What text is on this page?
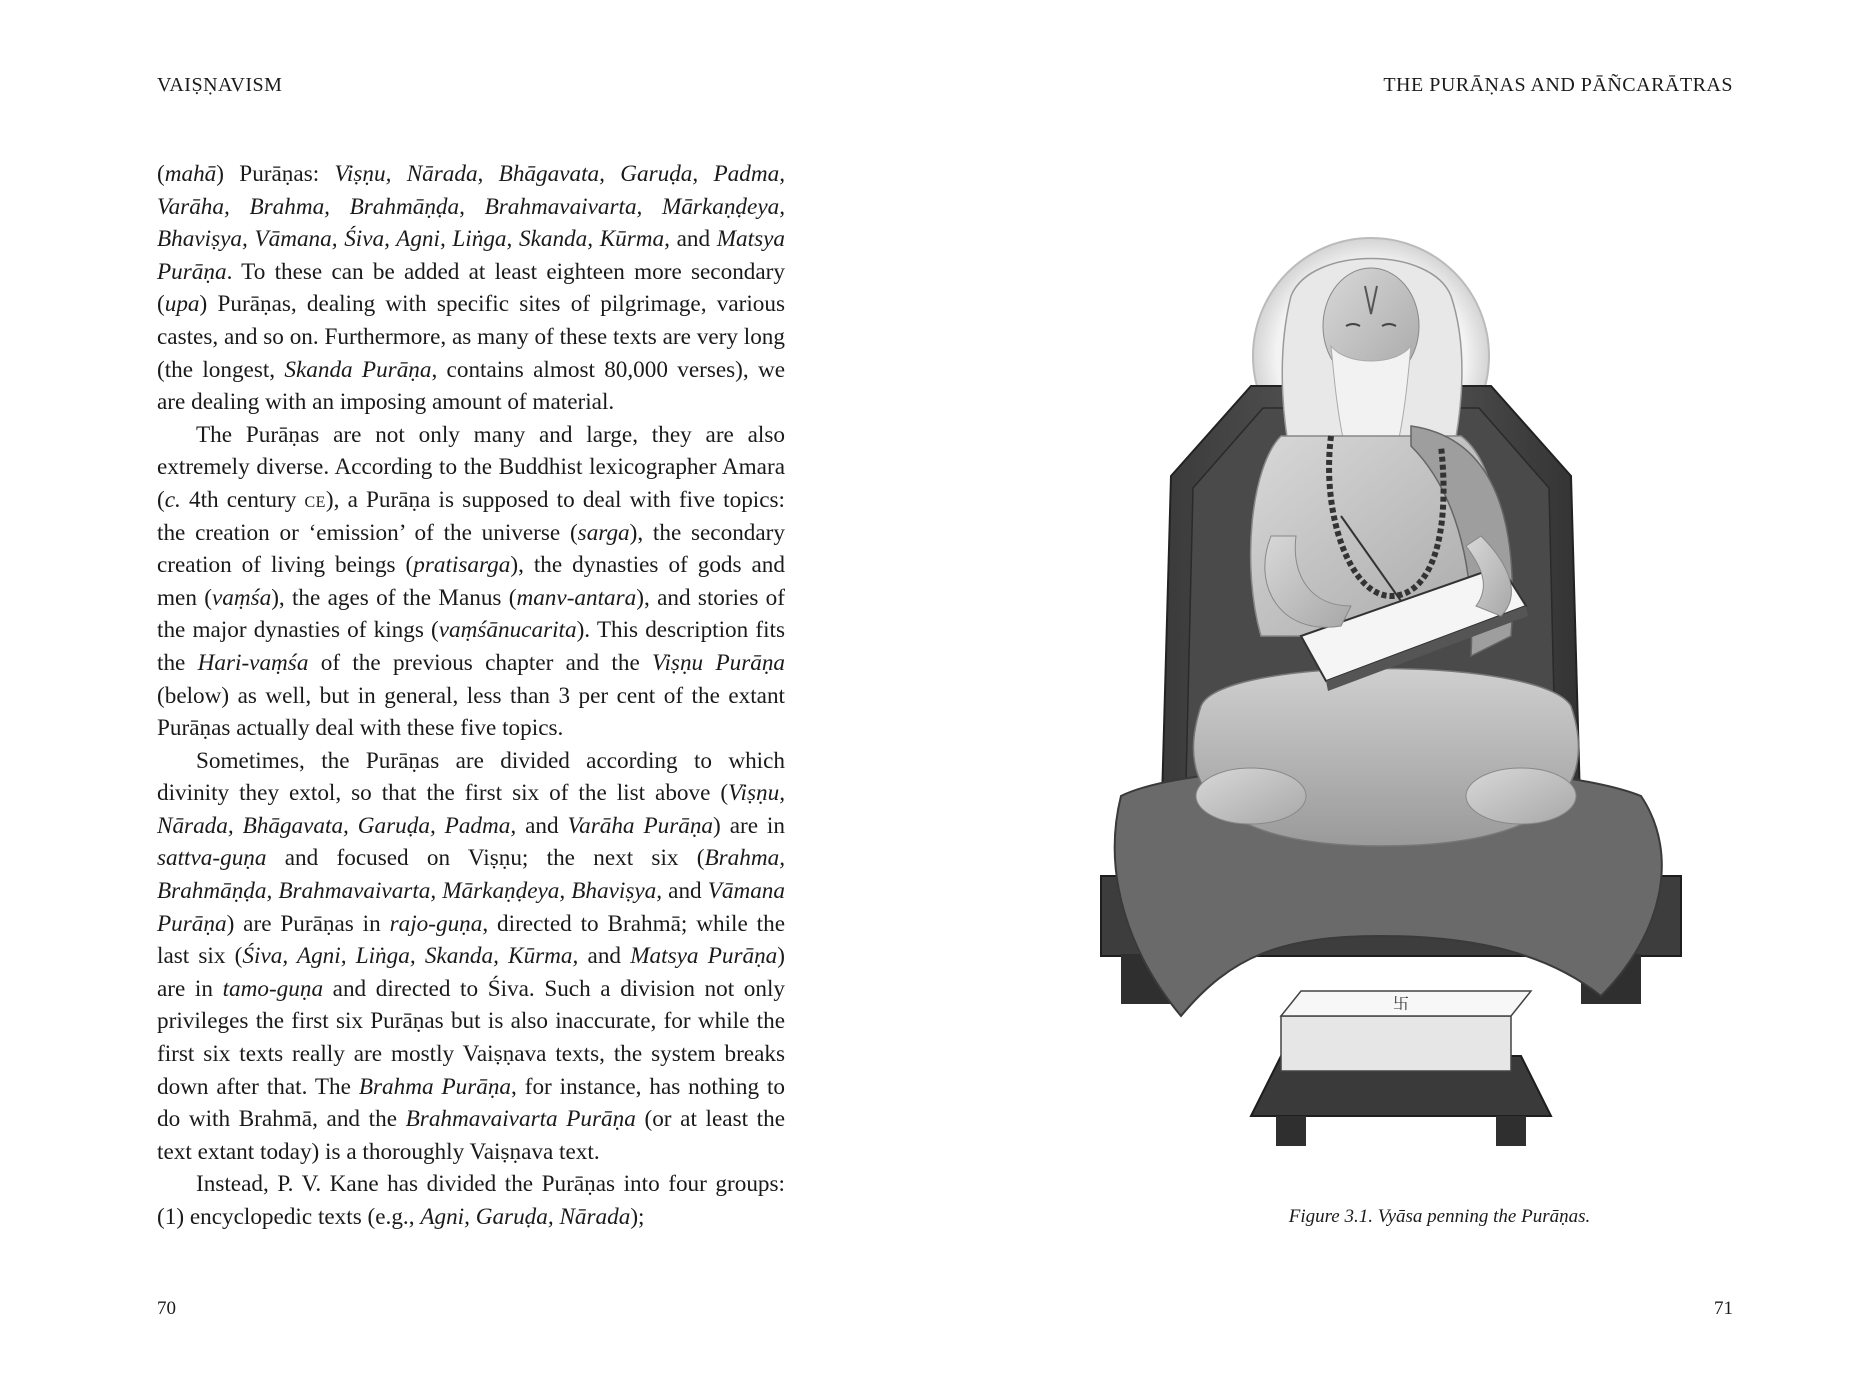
VAIṢṆAVISM

(mahā) Purāṇas: Viṣṇu, Nārada, Bhāgavata, Garuḍa, Padma, Varāha, Brahma, Brahmāṇḍa, Brahmavaivarta, Mārkaṇḍeya, Bhaviṣya, Vāmana, Śiva, Agni, Liṅga, Skanda, Kūrma, and Matsya Purāṇa. To these can be added at least eighteen more secondary (upa) Purāṇas, dealing with specific sites of pilgrimage, various castes, and so on. Furthermore, as many of these texts are very long (the longest, Skanda Purāṇa, contains almost 80,000 verses), we are dealing with an imposing amount of material.

The Purāṇas are not only many and large, they are also extremely diverse. According to the Buddhist lexicographer Amara (c. 4th century ce), a Purāṇa is supposed to deal with five topics: the creation or ‘emission’ of the universe (sarga), the secondary creation of living beings (pratisarga), the dynasties of gods and men (vaṃśa), the ages of the Manus (manv-antara), and stories of the major dynasties of kings (vaṃśānucarita). This description fits the Hari-vaṃśa of the previous chapter and the Viṣṇu Purāṇa (below) as well, but in general, less than 3 per cent of the extant Purāṇas actually deal with these five topics.

Sometimes, the Purāṇas are divided according to which divinity they extol, so that the first six of the list above (Viṣṇu, Nārada, Bhāgavata, Garuḍa, Padma, and Varāha Purāṇa) are in sattva-guṇa and focused on Viṣṇu; the next six (Brahma, Brahmāṇḍa, Brahmavaivarta, Mārkaṇḍeya, Bhaviṣya, and Vāmana Purāṇa) are Purāṇas in rajo-guṇa, directed to Brahmā; while the last six (Śiva, Agni, Liṅga, Skanda, Kūrma, and Matsya Purāṇa) are in tamo-guṇa and directed to Śiva. Such a division not only privileges the first six Purāṇas but is also inaccurate, for while the first six texts really are mostly Vaiṣṇava texts, the system breaks down after that. The Brahma Purāṇa, for instance, has nothing to do with Brahmā, and the Brahmavaivarta Purāṇa (or at least the text extant today) is a thoroughly Vaiṣṇava text.

Instead, P. V. Kane has divided the Purāṇas into four groups: (1) encyclopedic texts (e.g., Agni, Garuḍa, Nārada);

70
THE PURĀṆAS AND PĀÑCARĀTRAS
卐
Figure 3.1. Vyāsa penning the Purāṇas.
71
